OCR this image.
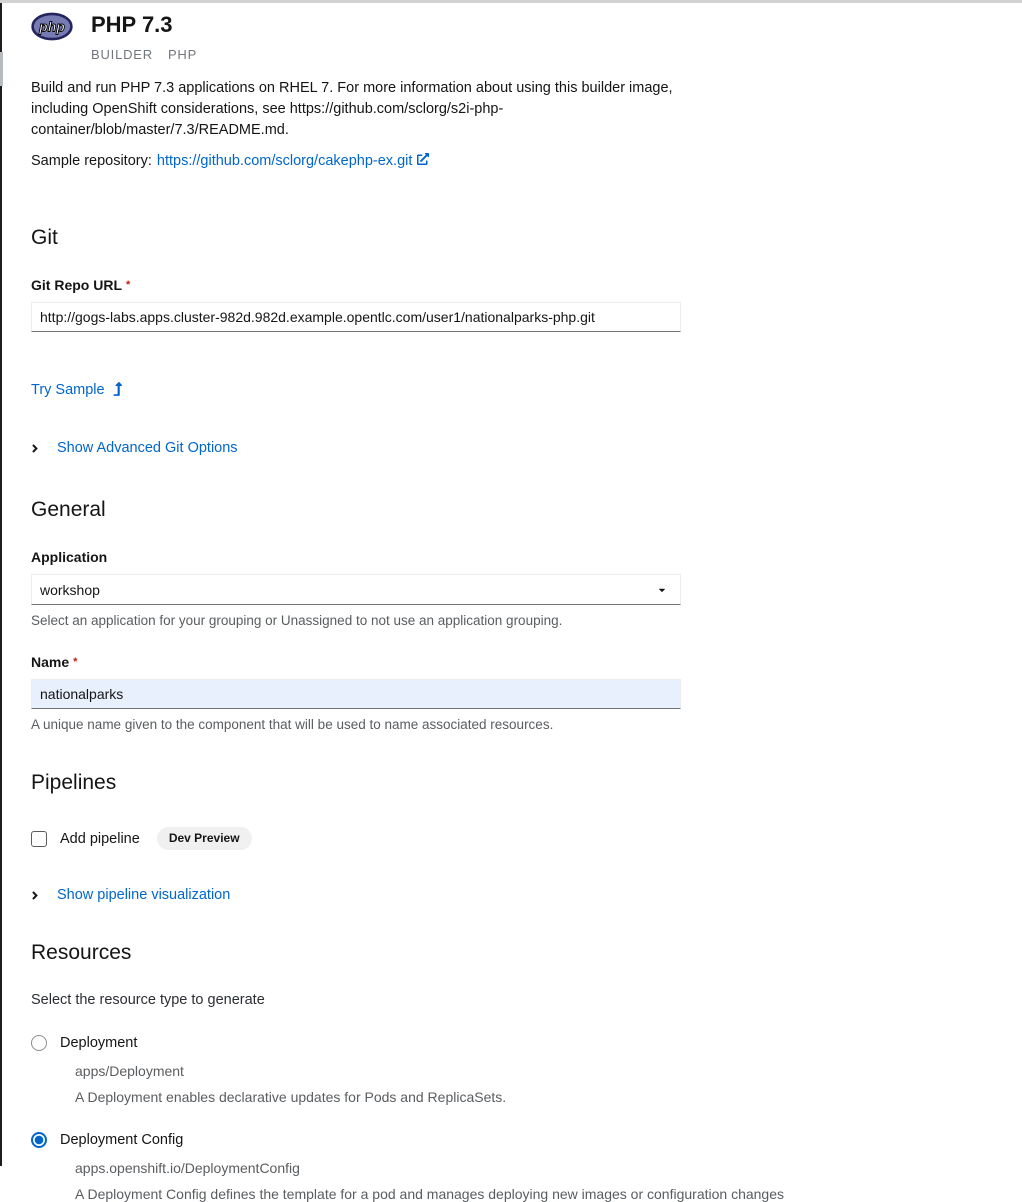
php PHP 7.3
BUILDER PHP

Build and run PHP 7.3 applications on RHEL 7. For more information about using this builder image, including OpenShift considerations, see https://github.com/sclorg/s2i-php-container/blob/master/7.3/README.md.

Sample repository: https://github.com/sclorg/cakephp-ex.git

Git
Git Repo URL *
http://gogs-labs.apps.cluster-982d.982d.example.opentlc.com/user1/nationalparks-php.git
Try Sample
Show Advanced Git Options
General
Application
workshop
Select an application for your grouping or Unassigned to not use an application grouping.
Name *
nationalparks
A unique name given to the component that will be used to name associated resources.
Pipelines
Add pipeline	Dev Preview
Show pipeline visualization
Resources
Select the resource type to generate
Deployment
apps/Deployment
A Deployment enables declarative updates for Pods and ReplicaSets.
Deployment Config
apps.openshift.io/DeploymentConfig
A Deployment Config defines the template for a pod and manages deploying new images or configuration changes
